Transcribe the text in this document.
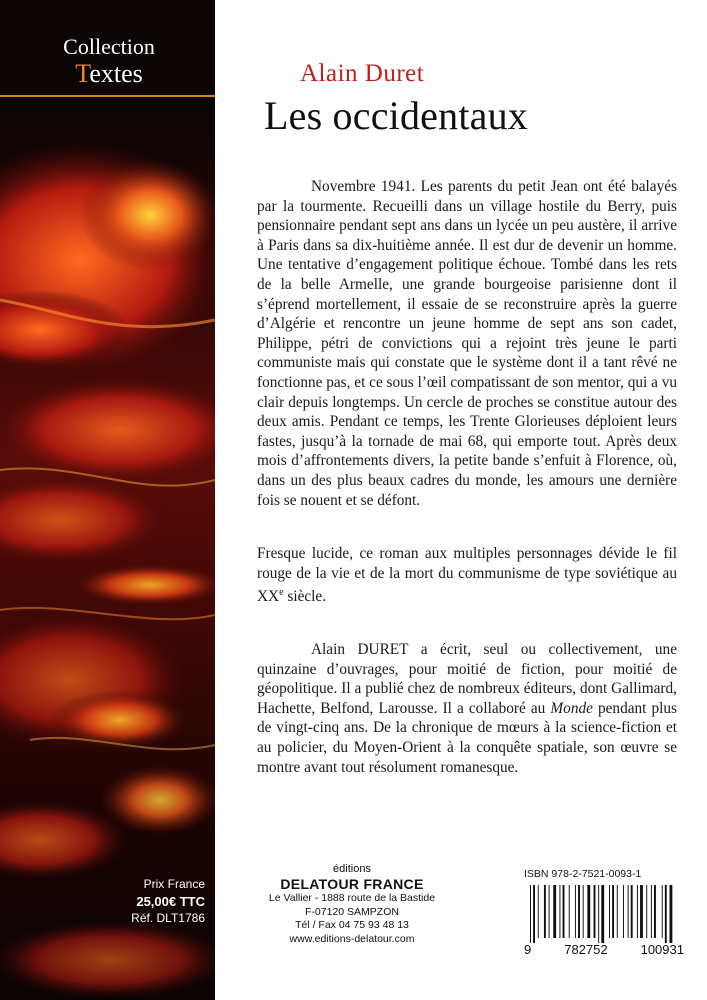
Collection
Textes
Prix France
25,00€ TTC
Réf. DLT1786
Alain Duret
Les occidentaux
Novembre 1941. Les parents du petit Jean ont été balayés par la tourmente. Recueilli dans un village hostile du Berry, puis pensionnaire pendant sept ans dans un lycée un peu austère, il arrive à Paris dans sa dix-huitième année. Il est dur de devenir un homme. Une tentative d’engagement politique échoue. Tombé dans les rets de la belle Armelle, une grande bourgeoise parisienne dont il s’éprend mortellement, il essaie de se reconstruire après la guerre d’Algérie et rencontre un jeune homme de sept ans son cadet, Philippe, pétri de convictions qui a rejoint très jeune le parti communiste mais qui constate que le système dont il a tant rêvé ne fonctionne pas, et ce sous l’œil compatissant de son mentor, qui a vu clair depuis longtemps. Un cercle de proches se constitue autour des deux amis. Pendant ce temps, les Trente Glorieuses déploient leurs fastes, jusqu’à la tornade de mai 68, qui emporte tout. Après deux mois d’affrontements divers, la petite bande s’enfuit à Florence, où, dans un des plus beaux cadres du monde, les amours une dernière fois se nouent et se défont.
Fresque lucide, ce roman aux multiples personnages dévide le fil rouge de la vie et de la mort du communisme de type soviétique au XXe siècle.
Alain DURET a écrit, seul ou collectivement, une quinzaine d’ouvrages, pour moitié de fiction, pour moitié de géopolitique. Il a publié chez de nombreux éditeurs, dont Gallimard, Hachette, Belfond, Larousse. Il a collaboré au Monde pendant plus de vingt-cinq ans. De la chronique de mœurs à la science-fiction et au policier, du Moyen-Orient à la conquête spatiale, son œuvre se montre avant tout résolument romanesque.
éditions
DELATOUR FRANCE
Le Vallier - 1888 route de la Bastide
F-07120 SAMPZON
Tél / Fax 04 75 93 48 13
www.editions-delatour.com
ISBN 978-2-7521-0093-1
9	782752	100931
